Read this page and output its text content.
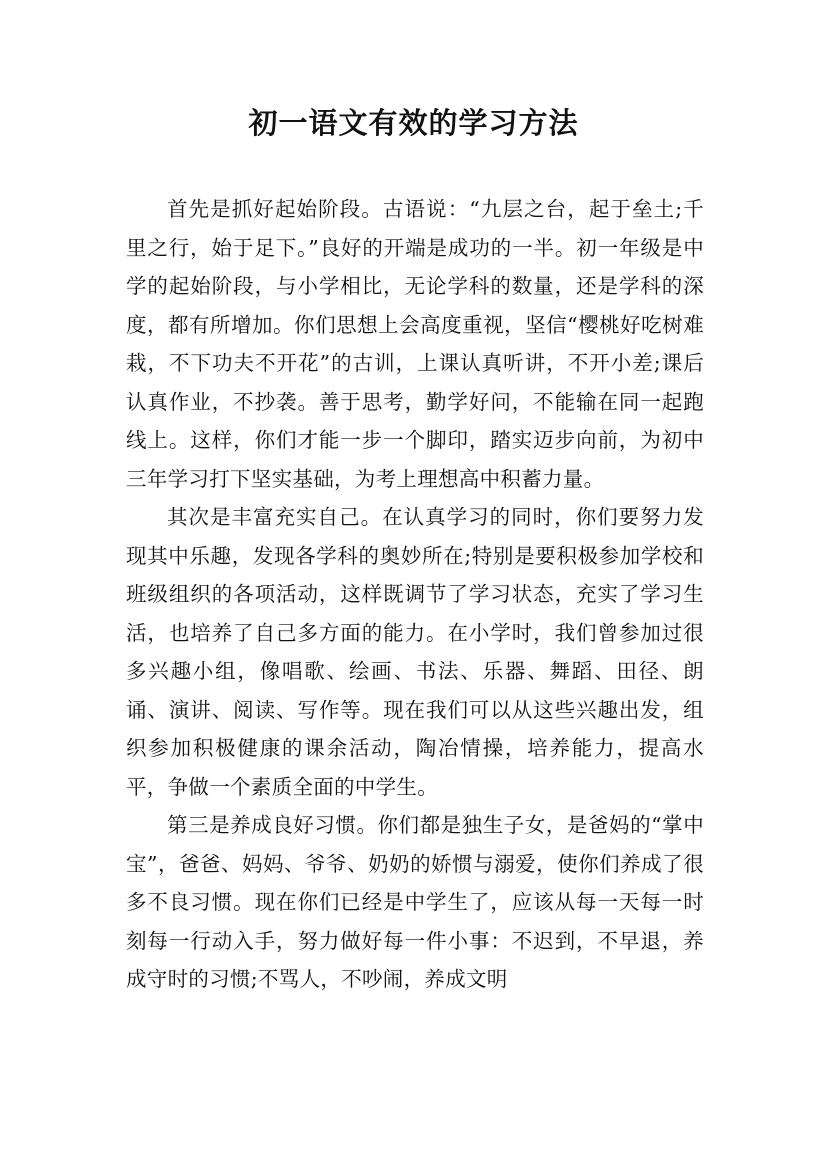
初一语文有效的学习方法

首先是抓好起始阶段。古语说：“九层之台，起于垒土;千里之行，始于足下。”良好的开端是成功的一半。初一年级是中学的起始阶段，与小学相比，无论学科的数量，还是学科的深度，都有所增加。你们思想上会高度重视，坚信“樱桃好吃树难栽，不下功夫不开花”的古训，上课认真听讲，不开小差;课后认真作业，不抄袭。善于思考，勤学好问，不能输在同一起跑线上。这样，你们才能一步一个脚印，踏实迈步向前，为初中三年学习打下坚实基础，为考上理想高中积蓄力量。

其次是丰富充实自己。在认真学习的同时，你们要努力发现其中乐趣，发现各学科的奥妙所在;特别是要积极参加学校和班级组织的各项活动，这样既调节了学习状态，充实了学习生活，也培养了自己多方面的能力。在小学时，我们曾参加过很多兴趣小组，像唱歌、绘画、书法、乐器、舞蹈、田径、朗诵、演讲、阅读、写作等。现在我们可以从这些兴趣出发，组织参加积极健康的课余活动，陶冶情操，培养能力，提高水平，争做一个素质全面的中学生。

第三是养成良好习惯。你们都是独生子女，是爸妈的“掌中宝”，爸爸、妈妈、爷爷、奶奶的娇惯与溺爱，使你们养成了很多不良习惯。现在你们已经是中学生了，应该从每一天每一时刻每一行动入手，努力做好每一件小事：不迟到，不早退，养成守时的习惯;不骂人，不吵闹，养成文明
